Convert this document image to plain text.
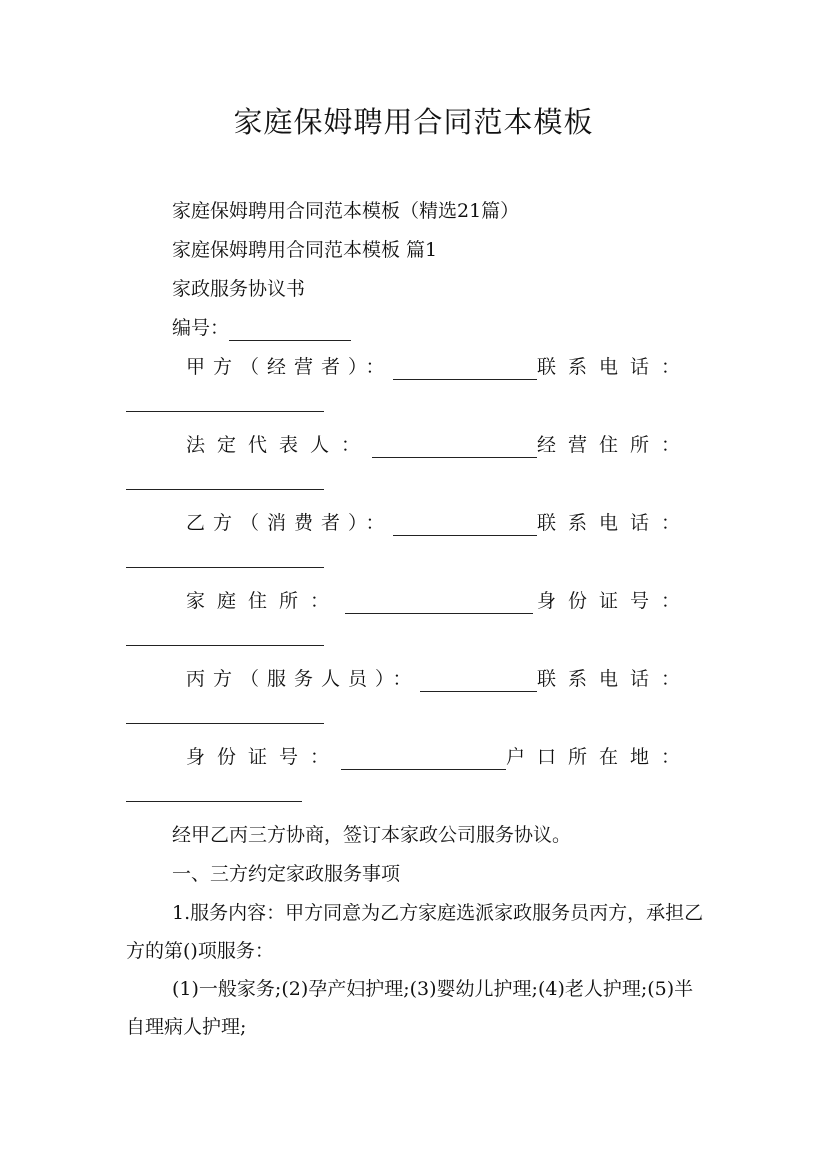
家庭保姆聘用合同范本模板
家庭保姆聘用合同范本模板（精选21篇）
家庭保姆聘用合同范本模板 篇1
家政服务协议书
编号：
甲方（经营者）：	联系电话：
法定代表人：	经营住所：
乙方（消费者）：	联系电话：
家庭住所：	身份证号：
丙方（服务人员）：	联系电话：
身份证号：	户口所在地：
经甲乙丙三方协商，签订本家政公司服务协议。
一、三方约定家政服务事项
1.服务内容：甲方同意为乙方家庭选派家政服务员丙方，承担乙方的第()项服务：
(1)一般家务;(2)孕产妇护理;(3)婴幼儿护理;(4)老人护理;(5)半自理病人护理;
